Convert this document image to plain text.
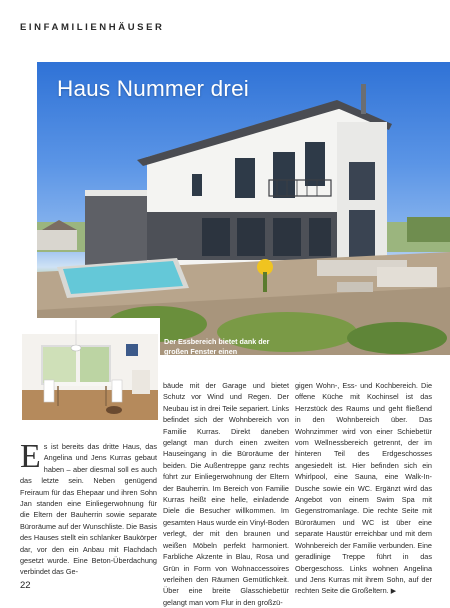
EINFAMILIENHÄUSER
Haus Nummer drei
Der Essbereich bietet dank der großen Fenster einen wundervollen Blick ins Grüne.
Es ist bereits das dritte Haus, das Angelina und Jens Kurras gebaut haben – aber diesmal soll es auch das letzte sein. Neben genügend Freiraum für das Ehepaar und ihren Sohn Jan standen eine Einliegerwohnung für die Eltern der Bauherrin sowie separate Büroräume auf der Wunschliste. Die Basis des Hauses stellt ein schlanker Baukörper dar, vor den ein Anbau mit Flachdach gesetzt wurde. Eine Beton-Überdachung verbindet das Ge-
bäude mit der Garage und bietet Schutz vor Wind und Regen. Der Neubau ist in drei Teile separiert. Links befindet sich der Wohnbereich von Familie Kurras. Direkt daneben gelangt man durch einen zweiten Hauseingang in die Büroräume der beiden. Die Außentreppe ganz rechts führt zur Einliegerwohnung der Eltern der Bauherrin. Im Bereich von Familie Kurras heißt eine helle, einladende Diele die Besucher willkommen. Im gesamten Haus wurde ein Vinyl-Boden verlegt, der mit den braunen und weißen Möbeln perfekt harmoniert. Farbliche Akzente in Blau, Rosa und Grün in Form von Wohnaccessoires verleihen den Räumen Gemütlichkeit. Über eine breite Glasschiebetür gelangt man vom Flur in den großzü-
gigen Wohn-, Ess- und Kochbereich. Die offene Küche mit Kochinsel ist das Herzstück des Raums und geht fließend in den Wohnbereich über. Das Wohnzimmer wird von einer Schiebetür vom Wellnessbereich getrennt, der im hinteren Teil des Erdgeschosses angesiedelt ist. Hier befinden sich ein Whirlpool, eine Sauna, eine Walk-In-Dusche sowie ein WC. Ergänzt wird das Angebot von einem Swim Spa mit Gegenstromanlage. Die rechte Seite mit Büroräumen und WC ist über eine separate Haustür erreichbar und mit dem Wohnbereich der Familie verbunden. Eine geradlinige Treppe führt in das Obergeschoss. Links wohnen Angelina und Jens Kurras mit ihrem Sohn, auf der rechten Seite die Großeltern. ▶
22
